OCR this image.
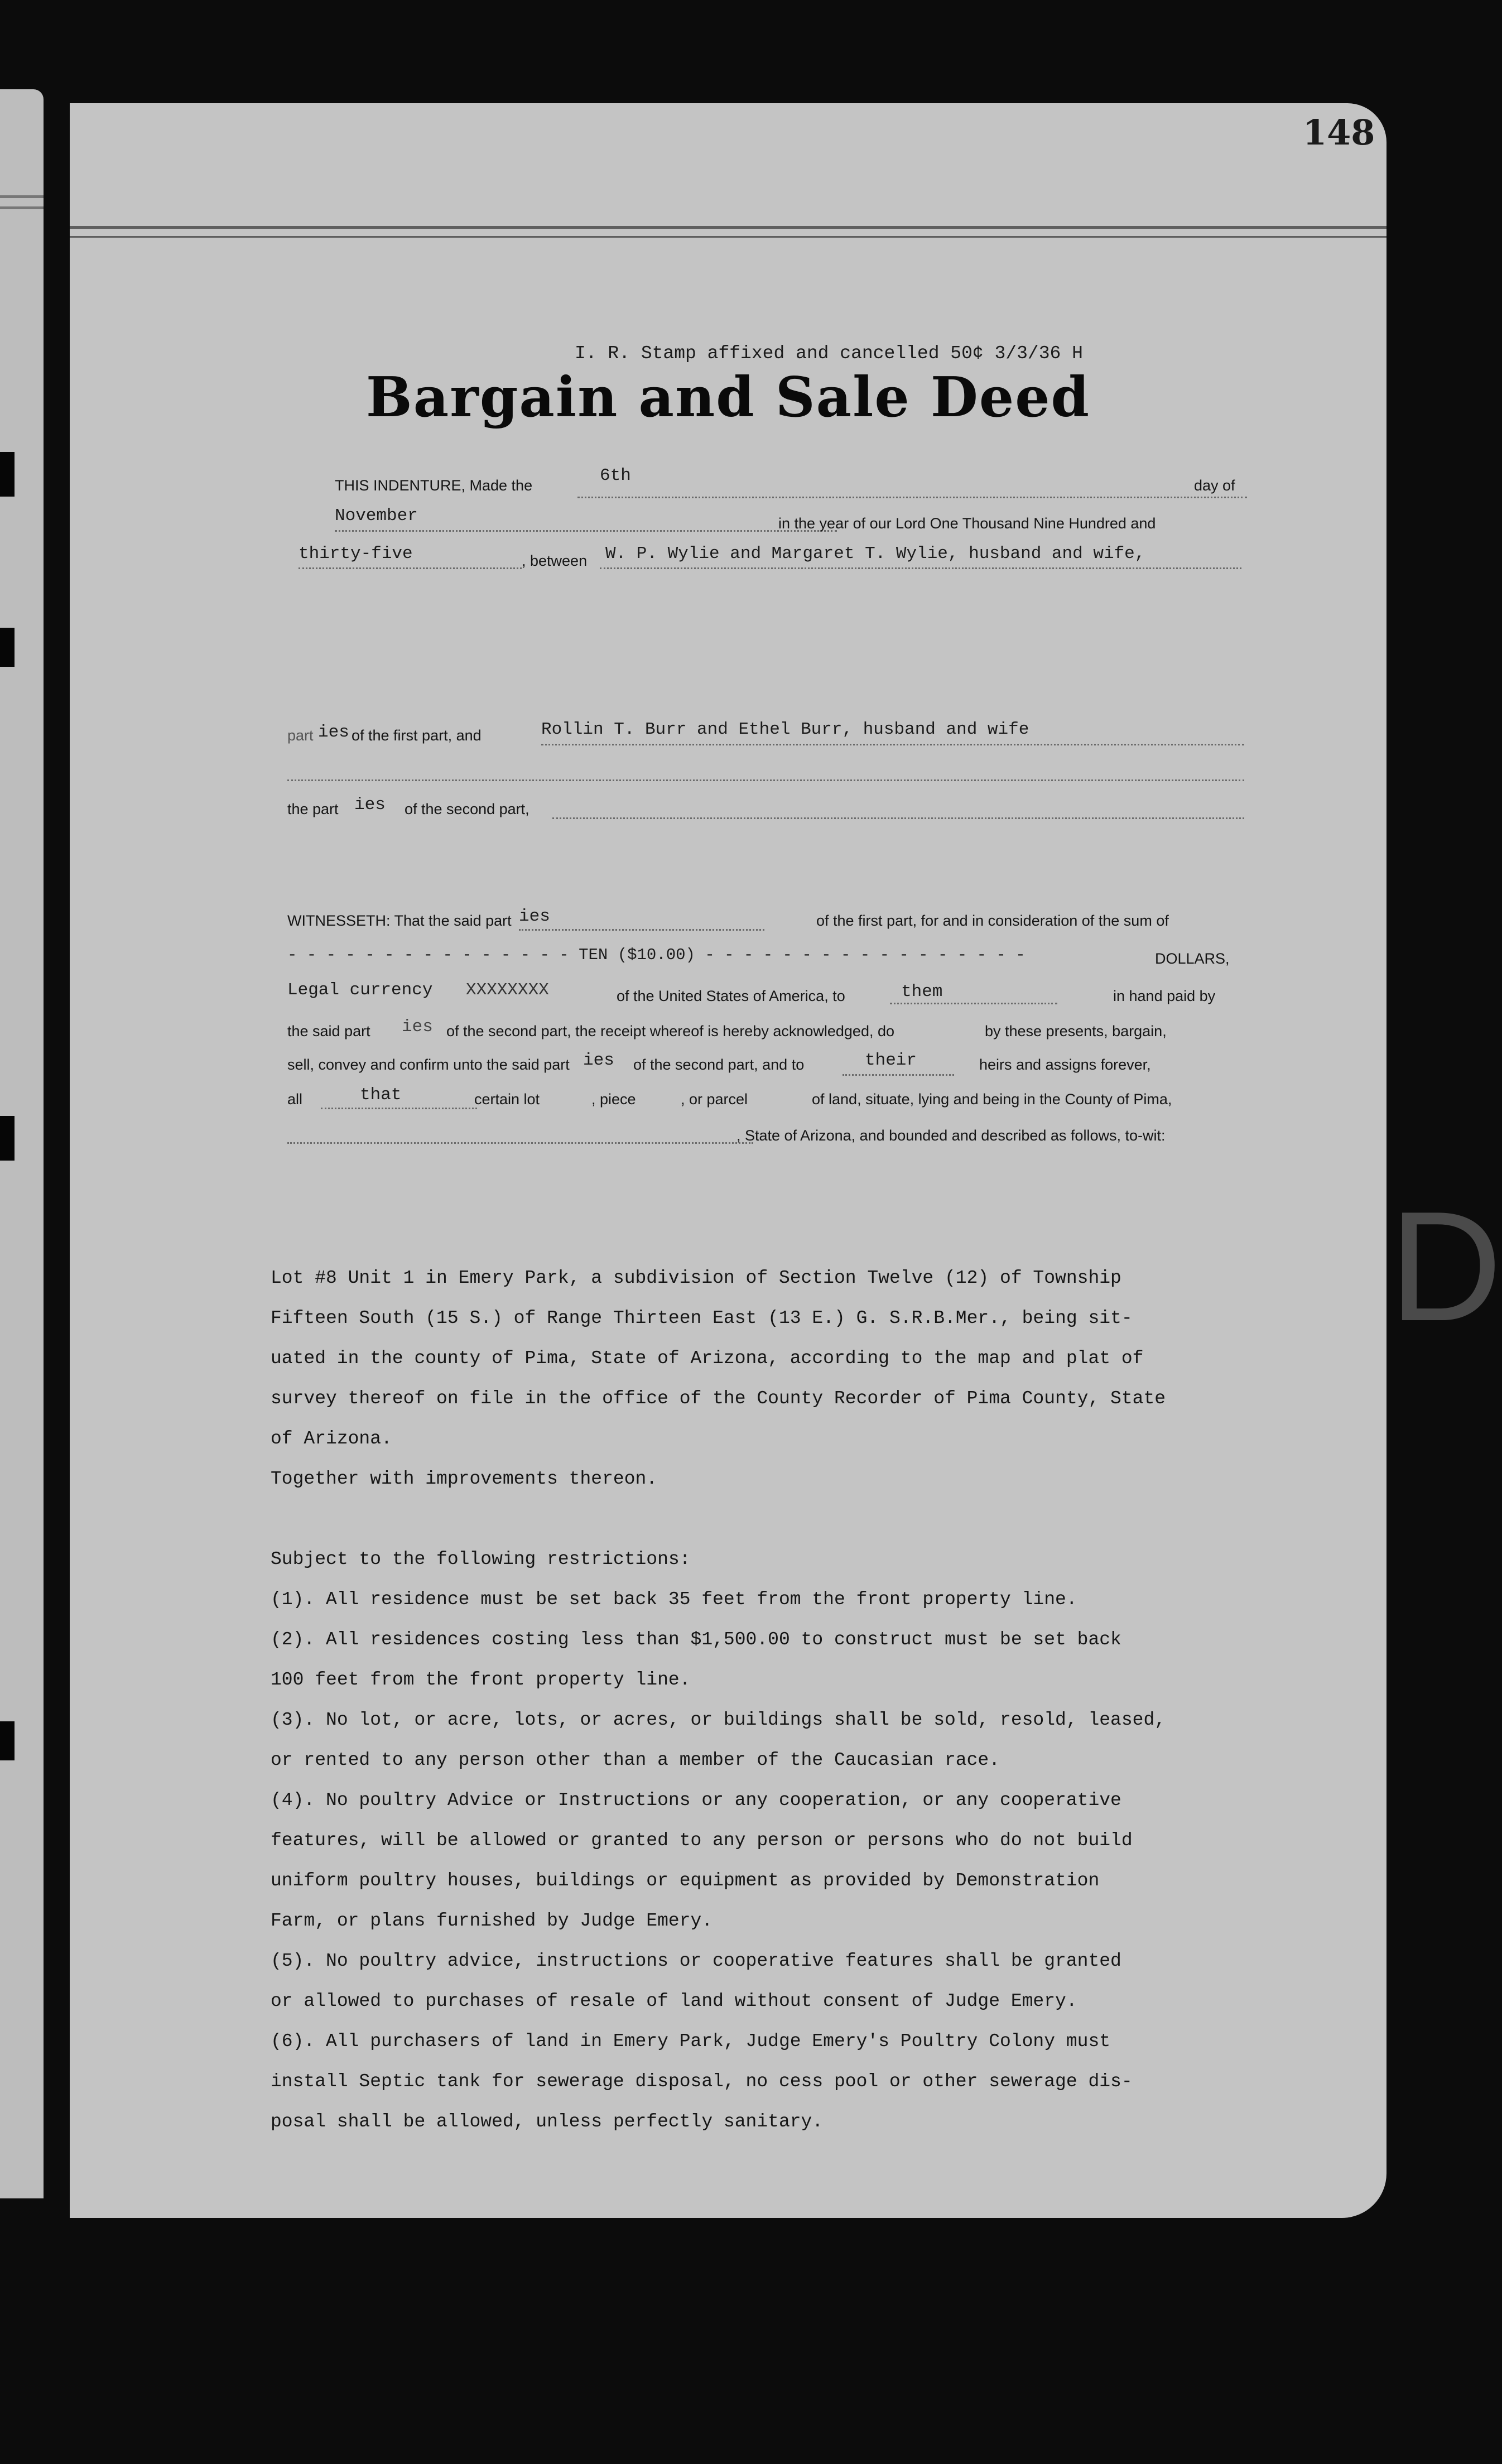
D
148
I. R. Stamp affixed and cancelled 50¢ 3/3/36 H
Bargain and Sale Deed
THIS INDENTURE, Made the	6th	day of
November	in the year of our Lord One Thousand Nine Hundred and
thirty-five	, between W. P. Wylie and Margaret T. Wylie, husband and wife,
part ies of the first part, and	Rollin T. Burr and Ethel Burr, husband and wife
the part ies of the second part,
WITNESSETH: That the said part ies	of the first part, for and in consideration of the sum of
- - - - - - - - - - - - - - - TEN ($10.00) - - - - - - - - - - - - - - - - -	DOLLARS,
Legal currency XXXXXXXX	of the United States of America, to	them	in hand paid by
the said part ies of the second part, the receipt whereof is hereby acknowledged, do	by these presents, bargain,
sell, convey and confirm unto the said part ies of the second part, and to	their	heirs and assigns forever,
all	that	certain lot	, piece	, or parcel	of land, situate, lying and being in the County of Pima,
, State of Arizona, and bounded and described as follows, to-wit:

Lot #8 Unit 1 in Emery Park, a subdivision of Section Twelve (12) of Township

Fifteen South (15 S.) of Range Thirteen East (13 E.) G. S.R.B.Mer., being sit-

uated in the county of Pima, State of Arizona, according to the map and plat of

survey thereof on file in the office of the County Recorder of Pima County, State

of Arizona.

Together with improvements thereon.

Subject to the following restrictions:

(1). All residence must be set back 35 feet from the front property line.

(2). All residences costing less than $1,500.00 to construct must be set back

100 feet from the front property line.

(3). No lot, or acre, lots, or acres, or buildings shall be sold, resold, leased,

or rented to any person other than a member of the Caucasian race.

(4). No poultry Advice or Instructions or any cooperation, or any cooperative

features, will be allowed or granted to any person or persons who do not build

uniform poultry houses, buildings or equipment as provided by Demonstration

Farm, or plans furnished by Judge Emery.

(5). No poultry advice, instructions or cooperative features shall be granted

or allowed to purchases of resale of land without consent of Judge Emery.

(6). All purchasers of land in Emery Park, Judge Emery's Poultry Colony must

install Septic tank for sewerage disposal, no cess pool or other sewerage dis-

posal shall be allowed, unless perfectly sanitary.
